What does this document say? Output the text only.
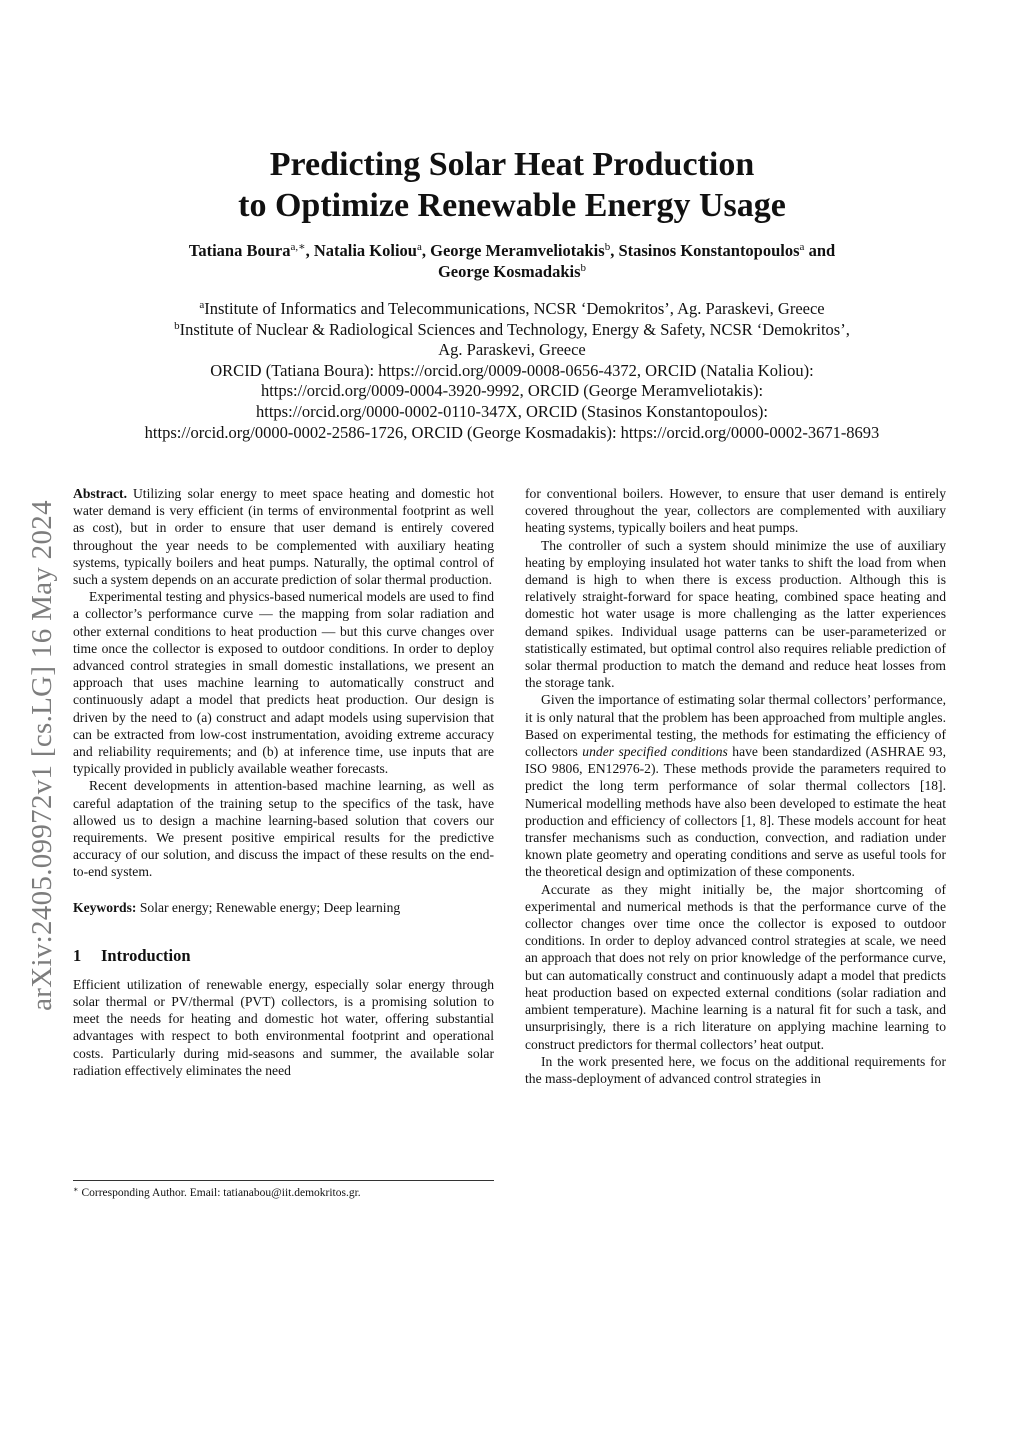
arXiv:2405.09972v1 [cs.LG] 16 May 2024
Predicting Solar Heat Production
to Optimize Renewable Energy Usage
Tatiana Boura$^{a,∗}$, Natalia Koliou$^a$, George Meramveliotakis$^b$, Stasinos Konstantopoulos$^a$ and
George Kosmadakis$^b$
$^a$Institute of Informatics and Telecommunications, NCSR ‘Demokritos’, Ag. Paraskevi, Greece
$^b$Institute of Nuclear & Radiological Sciences and Technology, Energy & Safety, NCSR ‘Demokritos’,
Ag. Paraskevi, Greece
ORCID (Tatiana Boura): https://orcid.org/0009-0008-0656-4372, ORCID (Natalia Koliou):
https://orcid.org/0009-0004-3920-9992, ORCID (George Meramveliotakis):
https://orcid.org/0000-0002-0110-347X, ORCID (Stasinos Konstantopoulos):
https://orcid.org/0000-0002-2586-1726, ORCID (George Kosmadakis): https://orcid.org/0000-0002-3671-8693

Abstract. Utilizing solar energy to meet space heating and domestic hot water demand is very efficient (in terms of environmental footprint as well as cost), but in order to ensure that user demand is entirely covered throughout the year needs to be complemented with auxiliary heating systems, typically boilers and heat pumps. Naturally, the optimal control of such a system depends on an accurate prediction of solar thermal production.

Experimental testing and physics-based numerical models are used to find a collector’s performance curve — the mapping from solar radiation and other external conditions to heat production — but this curve changes over time once the collector is exposed to outdoor conditions. In order to deploy advanced control strategies in small domestic installations, we present an approach that uses machine learning to automatically construct and continuously adapt a model that predicts heat production. Our design is driven by the need to (a) construct and adapt models using supervision that can be extracted from low-cost instrumentation, avoiding extreme accuracy and reliability requirements; and (b) at inference time, use inputs that are typically provided in publicly available weather forecasts.

Recent developments in attention-based machine learning, as well as careful adaptation of the training setup to the specifics of the task, have allowed us to design a machine learning-based solution that covers our requirements. We present positive empirical results for the predictive accuracy of our solution, and discuss the impact of these results on the end-to-end system.

Keywords: Solar energy; Renewable energy; Deep learning

1 Introduction

Efficient utilization of renewable energy, especially solar energy through solar thermal or PV/thermal (PVT) collectors, is a promising solution to meet the needs for heating and domestic hot water, offering substantial advantages with respect to both environmental footprint and operational costs. Particularly during mid-seasons and summer, the available solar radiation effectively eliminates the need

for conventional boilers. However, to ensure that user demand is entirely covered throughout the year, collectors are complemented with auxiliary heating systems, typically boilers and heat pumps.

The controller of such a system should minimize the use of auxiliary heating by employing insulated hot water tanks to shift the load from when demand is high to when there is excess production. Although this is relatively straight-forward for space heating, combined space heating and domestic hot water usage is more challenging as the latter experiences demand spikes. Individual usage patterns can be user-parameterized or statistically estimated, but optimal control also requires reliable prediction of solar thermal production to match the demand and reduce heat losses from the storage tank.

Given the importance of estimating solar thermal collectors’ performance, it is only natural that the problem has been approached from multiple angles. Based on experimental testing, the methods for estimating the efficiency of collectors under specified conditions have been standardized (ASHRAE 93, ISO 9806, EN12976-2). These methods provide the parameters required to predict the long term performance of solar thermal collectors [18]. Numerical modelling methods have also been developed to estimate the heat production and efficiency of collectors [1, 8]. These models account for heat transfer mechanisms such as conduction, convection, and radiation under known plate geometry and operating conditions and serve as useful tools for the theoretical design and optimization of these components.

Accurate as they might initially be, the major shortcoming of experimental and numerical methods is that the performance curve of the collector changes over time once the collector is exposed to outdoor conditions. In order to deploy advanced control strategies at scale, we need an approach that does not rely on prior knowledge of the performance curve, but can automatically construct and continuously adapt a model that predicts heat production based on expected external conditions (solar radiation and ambient temperature). Machine learning is a natural fit for such a task, and unsurprisingly, there is a rich literature on applying machine learning to construct predictors for thermal collectors’ heat output.

In the work presented here, we focus on the additional requirements for the mass-deployment of advanced control strategies in

∗ Corresponding Author. Email: tatianabou@iit.demokritos.gr.
